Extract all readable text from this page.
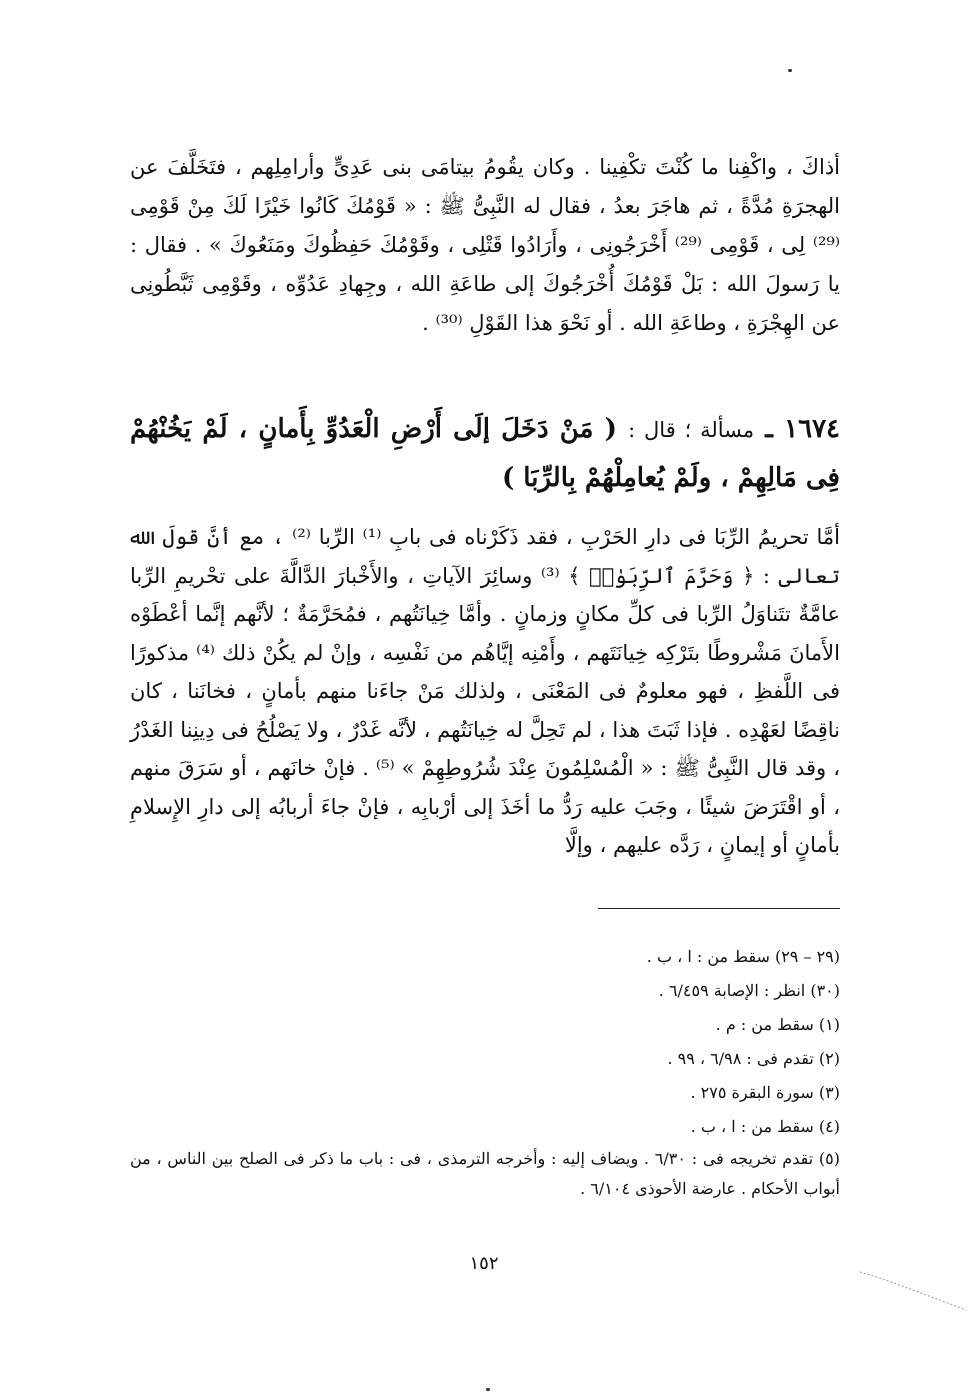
أذاكَ ، واكْفِنا ما كُنْتَ تكْفِينا . وكان يقُومُ بيتامَى بنى عَدِىٍّ وأرامِلِهم ، فتَخَلَّفَ عن الهجرَةِ مُدَّةً ، ثم هاجَرَ بعدُ ، فقال له النَّبِىُّ ﷺ : « قَوْمُكَ كَانُوا خَيْرًا لَكَ مِنْ قَوْمِى ⁽²⁹⁾ لِى ، قَوْمِى ⁽²⁹⁾ أَخْرَجُونِى ، وأَرَادُوا قَتْلِى ، وقَوْمُكَ حَفِظُوكَ ومَنَعُوكَ » . فقال : يا رَسولَ الله : بَلْ قَوْمُكَ أُخْرَجُوكَ إلى طاعَةِ الله ، وجِهادِ عَدُوِّه ، وقَوْمِى ثَبَّطُونِى عن الهِجْرَةِ ، وطاعَةِ الله . أو نَحْوَ هذا القَوْلِ ⁽³⁰⁾ .

١٦٧٤ ـ مسألة ؛ قال : ( مَنْ دَخَلَ إلَى أَرْضِ الْعَدُوِّ بِأَمانٍ ، لَمْ يَخُنْهُمْ فِى مَالِهِمْ ، ولَمْ يُعامِلْهُمْ بِالرِّبَا )

أمَّا تحريمُ الرِّبَا فى دارِ الحَرْبِ ، فقد ذَكَرْناه فى بابِ ⁽¹⁾ الرِّبا ⁽²⁾ ، مع أنَّ قولَ الله تعالى : ﴿ وَحَرَّمَ ٱلرِّبَوٰا۟ ﴾ ⁽³⁾ وسائِرَ الآياتِ ، والأَخْبارَ الدَّالَّةَ على تحْريمِ الرِّبا عامَّةٌ تتَناوَلُ الرِّبا فى كلِّ مكانٍ وزمانٍ . وأمَّا خِيانَتُهم ، فمُحَرَّمَةٌ ؛ لأنَّهم إنَّما أعْطَوْه الأَمانَ مَشْروطًا بتَرْكِه خِيانَتَهم ، وأَمْنِه إيَّاهُم من نَفْسِه ، وإنْ لم يكُنْ ذلك ⁽⁴⁾ مذكورًا فى اللَّفظِ ، فهو معلومٌ فى المَعْنَى ، ولذلك مَنْ جاءَنا منهم بأمانٍ ، فخانَنا ، كان ناقِضًا لعَهْدِه . فإذا ثَبَتَ هذا ، لم تَحِلَّ له خِيانَتُهم ، لأنَّه غَدْرٌ ، ولا يَصْلُحُ فى دِينِنا الغَدْرُ ، وقد قال النَّبِىُّ ﷺ : « الْمُسْلِمُونَ عِنْدَ شُرُوطِهِمْ » ⁽⁵⁾ . فإنْ خانَهم ، أو سَرَقَ منهم ، أو اقْتَرَضَ شيئًا ، وجَبَ عليه رَدُّ ما أخَذَ إلى أرْبابِه ، فإنْ جاءَ أربابُه إلى دارِ الإِسلامِ بأمانٍ أو إيمانٍ ، رَدَّه عليهم ، وإلَّا

(٢٩ – ٢٩) سقط من : ا ، ب .
(٣٠) انظر : الإصابة ٦/٤٥٩ .
(١) سقط من : م .
(٢) تقدم فى : ٦/٩٨ ، ٩٩ .
(٣) سورة البقرة ٢٧٥ .
(٤) سقط من : ا ، ب .
(٥) تقدم تخريجه فى : ٦/٣٠ . ويضاف إليه : وأخرجه الترمذى ، فى : باب ما ذكر فى الصلح بين الناس ، من أبواب الأحكام . عارضة الأحوذى ٦/١٠٤ .
١٥٢
